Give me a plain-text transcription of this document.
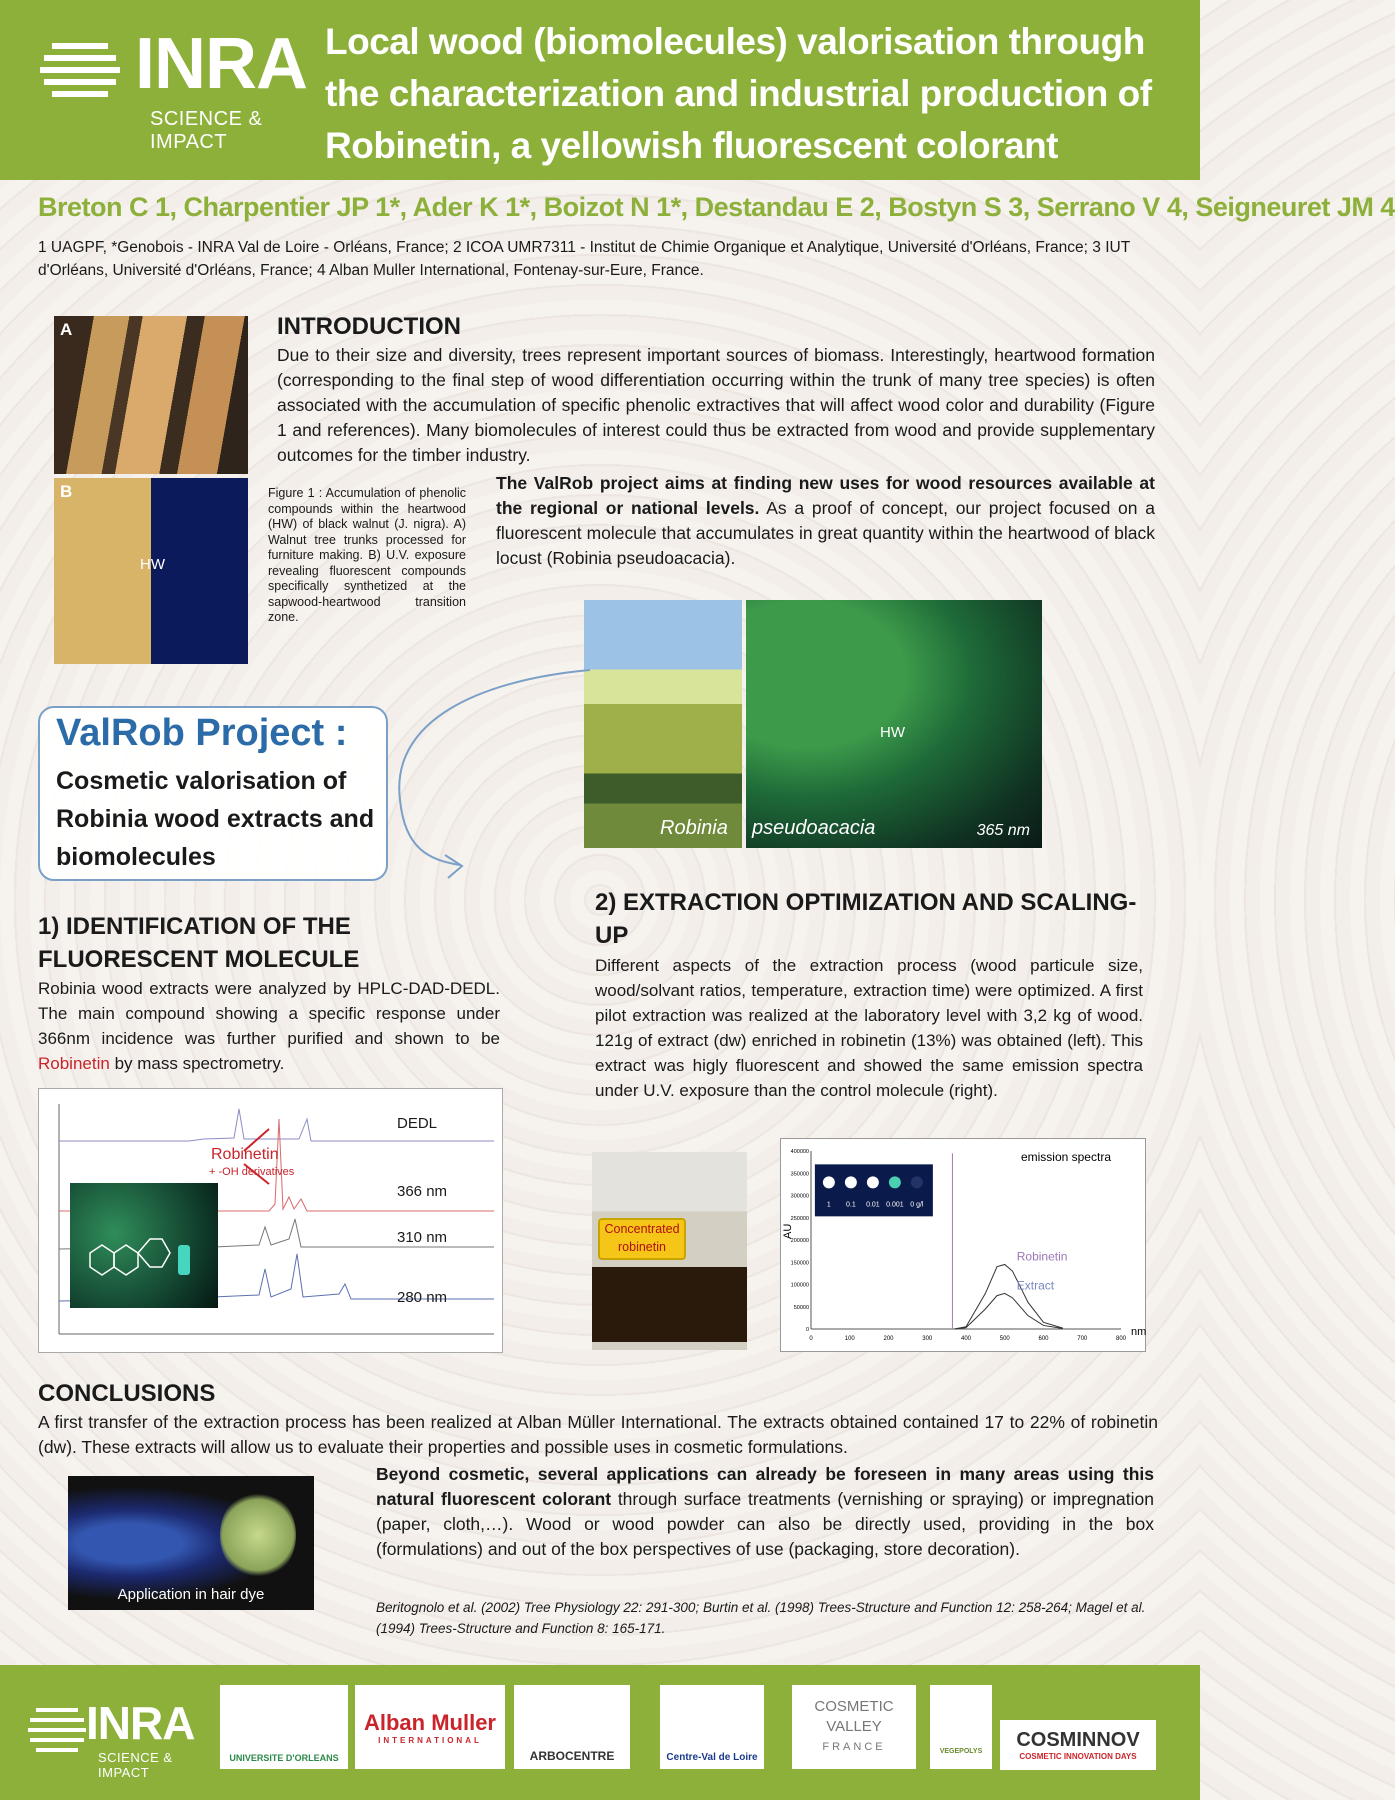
INRA
SCIENCE & IMPACT
Local wood (biomolecules) valorisation through the characterization and industrial production of Robinetin, a yellowish fluorescent colorant
Breton C 1, Charpentier JP 1*, Ader K 1*, Boizot N 1*, Destandau E 2, Bostyn S 3, Serrano V 4, Seigneuret JM 4
1 UAGPF, *Genobois - INRA Val de Loire - Orléans, France; 2 ICOA UMR7311 - Institut de Chimie Organique et Analytique, Université d'Orléans, France; 3 IUT d'Orléans, Université d'Orléans, France; 4 Alban Muller International, Fontenay-sur-Eure, France.
A
B
HW
Figure 1 : Accumulation of phenolic compounds within the heartwood (HW) of black walnut (J. nigra). A) Walnut tree trunks processed for furniture making. B) U.V. exposure revealing fluorescent compounds specifically synthetized at the sapwood-heartwood transition zone.
INTRODUCTION
Due to their size and diversity, trees represent important sources of biomass. Interestingly, heartwood formation (corresponding to the final step of wood differentiation occurring within the trunk of many tree species) is often associated with the accumulation of specific phenolic extractives that will affect wood color and durability (Figure 1 and references). Many biomolecules of interest could thus be extracted from wood and provide supplementary outcomes for the timber industry.
The ValRob project aims at finding new uses for wood resources available at the regional or national levels. As a proof of concept, our project focused on a fluorescent molecule that accumulates in great quantity within the heartwood of black locust (Robinia pseudoacacia).
Robinia
HW
pseudoacacia	365 nm
ValRob Project :
Cosmetic valorisation of Robinia wood extracts and biomolecules
1) IDENTIFICATION OF THE FLUORESCENT MOLECULE
Robinia wood extracts were analyzed by HPLC-DAD-DEDL. The main compound showing a specific response under 366nm incidence was further purified and shown to be Robinetin by mass spectrometry.
DEDL
366 nm
310 nm
280 nm
Robinetin
+ -OH derivatives
2) EXTRACTION OPTIMIZATION AND SCALING-UP
Different aspects of the extraction process (wood particule size, wood/solvant ratios, temperature, extraction time) were optimized. A first pilot extraction was realized at the laboratory level with 3,2 kg of wood. 121g of extract (dw) enriched in robinetin (13%) was obtained (left). This extract was higly fluorescent and showed the same emission spectra under U.V. exposure than the control molecule (right).
Concentrated robinetin
0	100	200	300	400	500	600	700	800
0
50000
100000
150000
200000
250000
300000
350000
400000
nm
AU
emission spectra
Robinetin
Extract
1 0.1 0.01 0.001 0 g/l
CONCLUSIONS
A first transfer of the extraction process has been realized at Alban Müller International. The extracts obtained contained 17 to 22% of robinetin (dw). These extracts will allow us to evaluate their properties and possible uses in cosmetic formulations.
Application in hair dye
Beyond cosmetic, several applications can already be foreseen in many areas using this natural fluorescent colorant through surface treatments (vernishing or spraying) or impregnation (paper, cloth,…). Wood or wood powder can also be directly used, providing in the box (formulations) and out of the box perspectives of use (packaging, store decoration).
Beritognolo et al. (2002) Tree Physiology 22: 291-300; Burtin et al. (1998) Trees-Structure and Function 12: 258-264; Magel et al. (1994) Trees-Structure and Function 8: 165-171.
INRA
SCIENCE & IMPACT
UNIVERSITE D'ORLEANS
Alban Muller
INTERNATIONAL
ARBOCENTRE	Centre-Val de Loire
COSMETIC
VALLEY
FRANCE	VEGEPOLYS
COSMINNOV
COSMETIC INNOVATION DAYS
